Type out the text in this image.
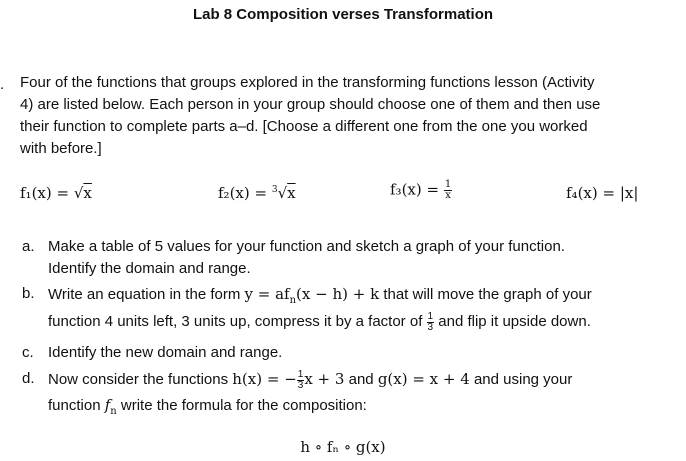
Lab 8 Composition verses Transformation
. Four of the functions that groups explored in the transforming functions lesson (Activity
4) are listed below. Each person in your group should choose one of them and then use
their function to complete parts a–d. [Choose a different one from the one you worked
with before.]
f₁(x) = √x	f₂(x) = $^3$√x	$f_3(x) = \frac{1}{x}$	f₄(x) = |x|
a. Make a table of 5 values for your function and sketch a graph of your function.
Identify the domain and range.
b. Write an equation in the form $y = af_n(x - h) + k$ that will move the graph of your
function 4 units left, 3 units up, compress it by a factor of $\frac{1}{3}$ and flip it upside down.
c. Identify the new domain and range.
d. Now consider the functions h(x) = − $\frac{1}{3}$ x + 3 and g(x) = x + 4 and using your
function $f_n$ write the formula for the composition:
h ∘ fₙ ∘ g(x)
